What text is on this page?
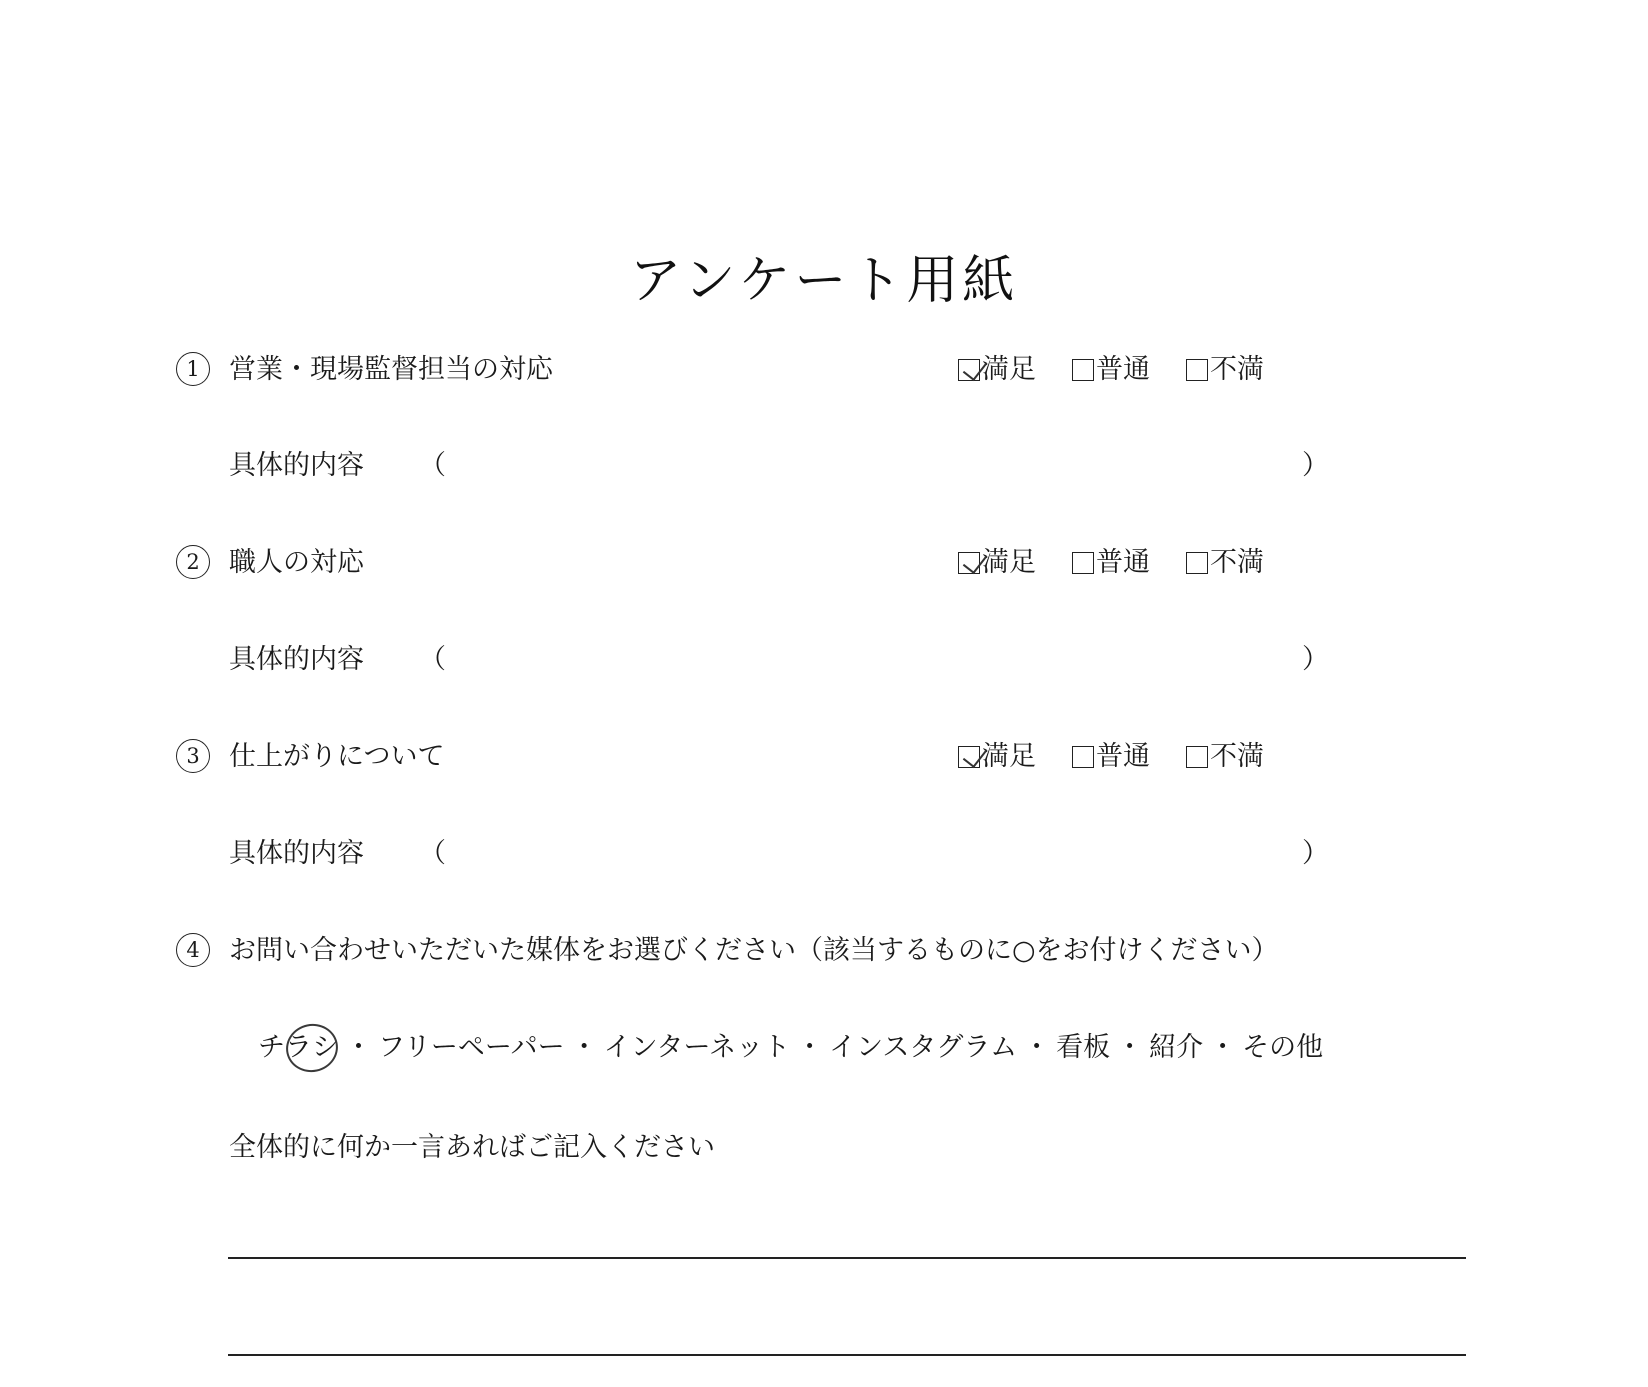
アンケート用紙
1	営業・現場監督担当の対応	満足 普通 不満
具体的内容 （	）
2	職人の対応	満足 普通 不満
具体的内容 （	）
3	仕上がりについて	満足 普通 不満
具体的内容 （	）
4	お問い合わせいただいた媒体をお選びください（該当するものに○をお付けください）
チラシ ・ フリーペーパー ・ インターネット ・ インスタグラム ・ 看板 ・ 紹介 ・ その他
全体的に何か一言あればご記入ください
